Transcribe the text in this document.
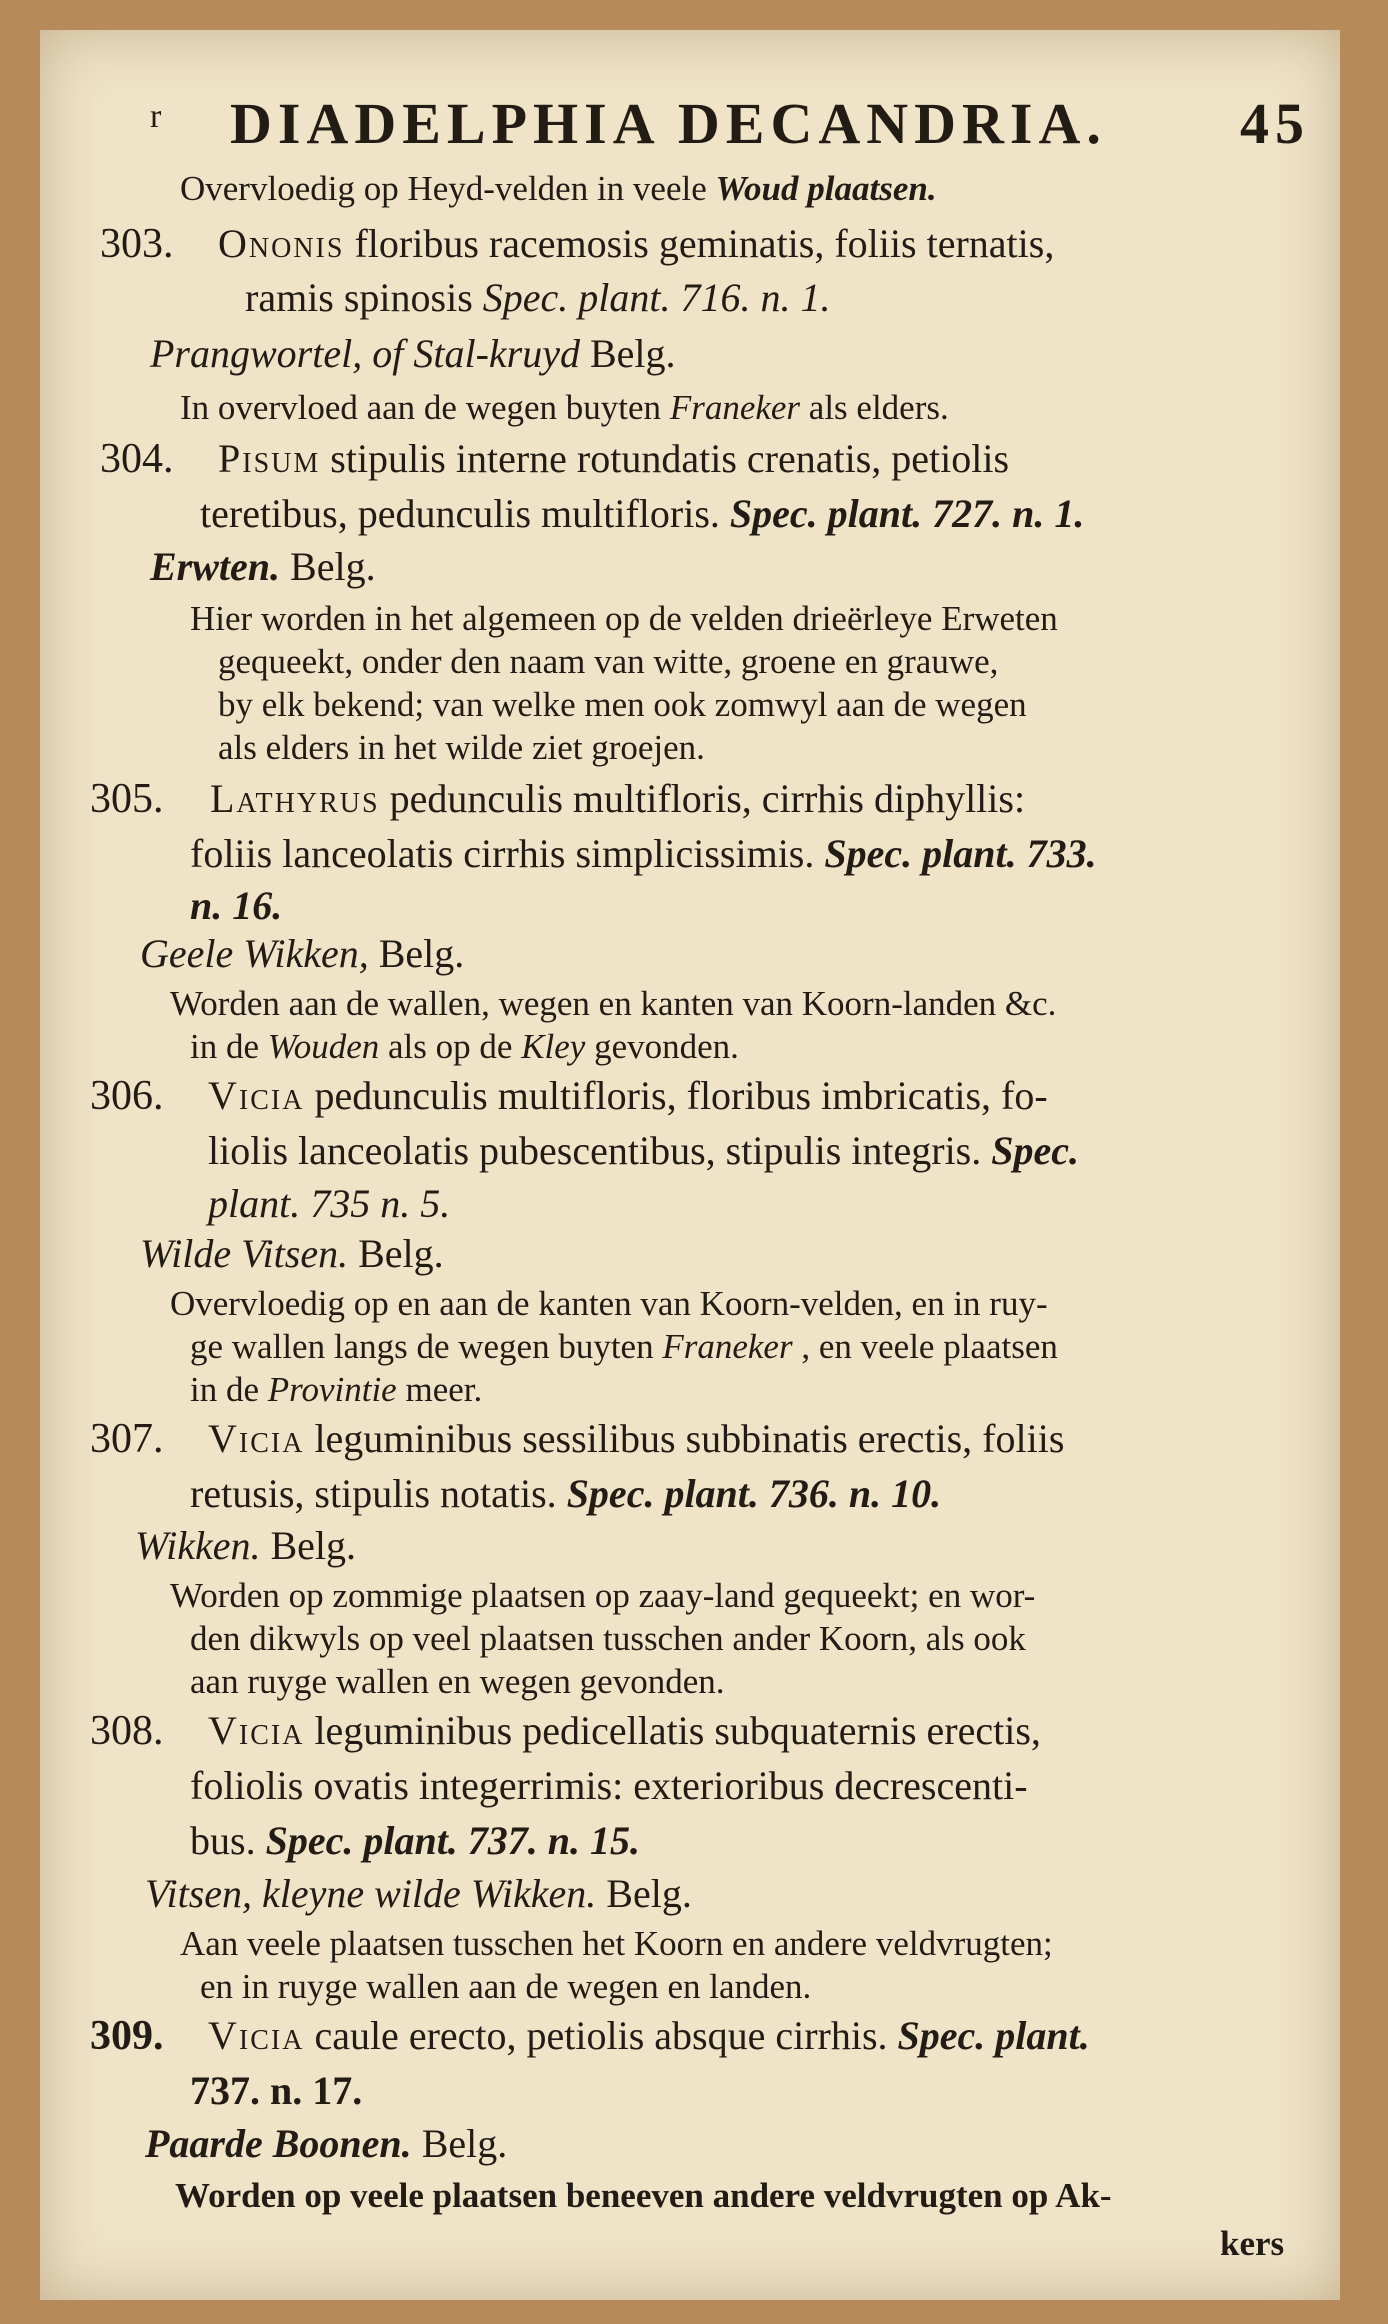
r DIADELPHIA DECANDRIA. 45
Overvloedig op Heyd-velden in veele Woud plaatsen.
303. Ononis floribus racemosis geminatis, foliis ternatis,
ramis spinosis Spec. plant. 716. n. 1.
Prangwortel, of Stal-kruyd Belg.
In overvloed aan de wegen buyten Franeker als elders.
304. Pisum stipulis interne rotundatis crenatis, petiolis
teretibus, pedunculis multifloris. Spec. plant. 727. n. 1.
Erwten. Belg.
Hier worden in het algemeen op de velden drieërleye Erweten
gequeekt, onder den naam van witte, groene en grauwe,
by elk bekend; van welke men ook zomwyl aan de wegen
als elders in het wilde ziet groejen.
305. Lathyrus pedunculis multifloris, cirrhis diphyllis:
foliis lanceolatis cirrhis simplicissimis. Spec. plant. 733.
n. 16.
Geele Wikken, Belg.
Worden aan de wallen, wegen en kanten van Koorn-landen &c.
in de Wouden als op de Kley gevonden.
306. Vicia pedunculis multifloris, floribus imbricatis, fo-
liolis lanceolatis pubescentibus, stipulis integris. Spec.
plant. 735 n. 5.
Wilde Vitsen. Belg.
Overvloedig op en aan de kanten van Koorn-velden, en in ruy-
ge wallen langs de wegen buyten Franeker , en veele plaatsen
in de Provintie meer.
307. Vicia leguminibus sessilibus subbinatis erectis, foliis
retusis, stipulis notatis. Spec. plant. 736. n. 10.
Wikken. Belg.
Worden op zommige plaatsen op zaay-land gequeekt; en wor-
den dikwyls op veel plaatsen tusschen ander Koorn, als ook
aan ruyge wallen en wegen gevonden.
308. Vicia leguminibus pedicellatis subquaternis erectis,
foliolis ovatis integerrimis: exterioribus decrescenti-
bus. Spec. plant. 737. n. 15.
Vitsen, kleyne wilde Wikken. Belg.
Aan veele plaatsen tusschen het Koorn en andere veldvrugten;
en in ruyge wallen aan de wegen en landen.
309. Vicia caule erecto, petiolis absque cirrhis. Spec. plant.
737. n. 17.
Paarde Boonen. Belg.
Worden op veele plaatsen beneeven andere veldvrugten op Ak-
kers
